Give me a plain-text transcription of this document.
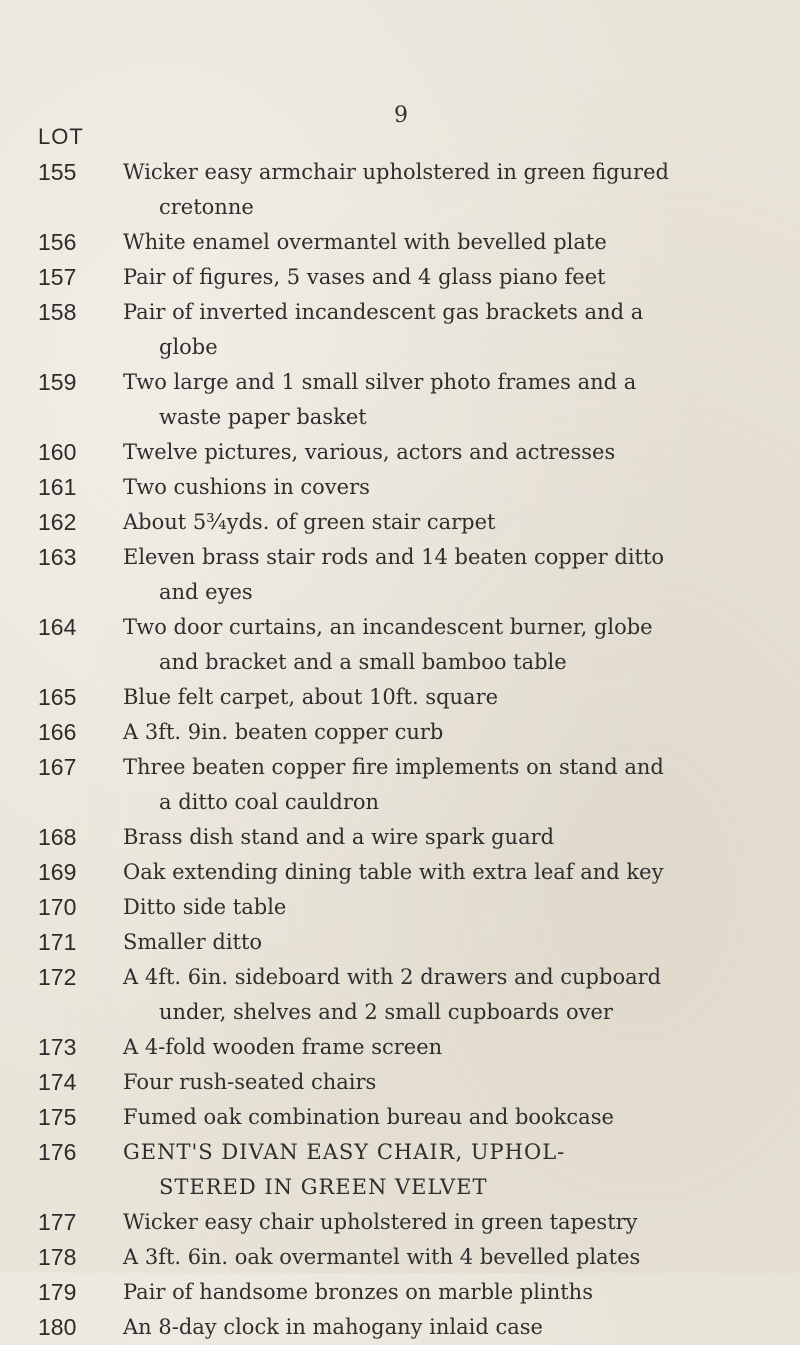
9
LOT
155	Wicker easy armchair upholstered in green figured
cretonne
156	White enamel overmantel with bevelled plate
157	Pair of figures, 5 vases and 4 glass piano feet
158	Pair of inverted incandescent gas brackets and a
globe
159	Two large and 1 small silver photo frames and a
waste paper basket
160	Twelve pictures, various, actors and actresses
161	Two cushions in covers
162	About 5¾yds. of green stair carpet
163	Eleven brass stair rods and 14 beaten copper ditto
and eyes
164	Two door curtains, an incandescent burner, globe
and bracket and a small bamboo table
165	Blue felt carpet, about 10ft. square
166	A 3ft. 9in. beaten copper curb
167	Three beaten copper fire implements on stand and
a ditto coal cauldron
168	Brass dish stand and a wire spark guard
169	Oak extending dining table with extra leaf and key
170	Ditto side table
171	Smaller ditto
172	A 4ft. 6in. sideboard with 2 drawers and cupboard
under, shelves and 2 small cupboards over
173	A 4-fold wooden frame screen
174	Four rush-seated chairs
175	Fumed oak combination bureau and bookcase
176	GENT'S DIVAN EASY CHAIR, UPHOL-
STERED IN GREEN VELVET
177	Wicker easy chair upholstered in green tapestry
178	A 3ft. 6in. oak overmantel with 4 bevelled plates
179	Pair of handsome bronzes on marble plinths
180	An 8-day clock in mahogany inlaid case
